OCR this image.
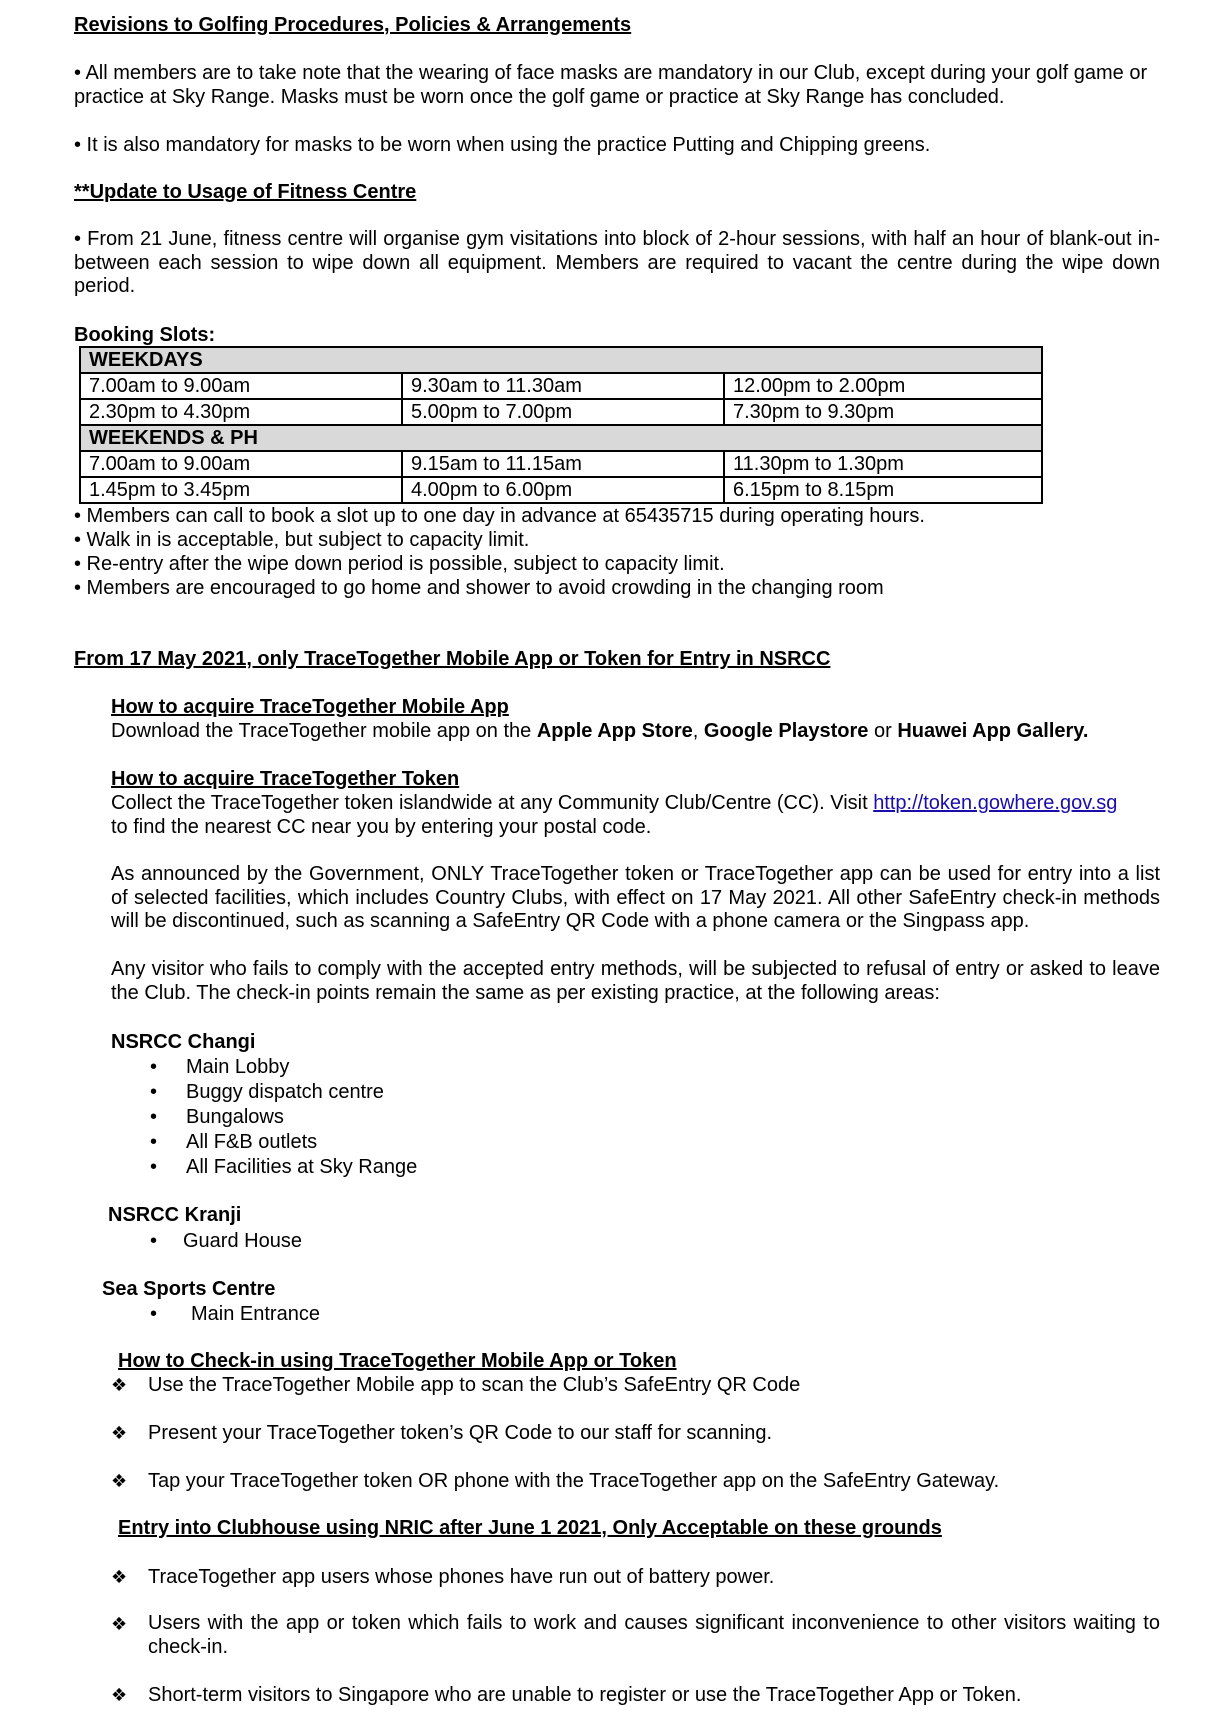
Revisions to Golfing Procedures, Policies & Arrangements
• All members are to take note that the wearing of face masks are mandatory in our Club, except during your golf game or practice at Sky Range. Masks must be worn once the golf game or practice at Sky Range has concluded.
• It is also mandatory for masks to be worn when using the practice Putting and Chipping greens.
**Update to Usage of Fitness Centre
• From 21 June, fitness centre will organise gym visitations into block of 2-hour sessions, with half an hour of blank-out in-between each session to wipe down all equipment. Members are required to vacant the centre during the wipe down period.
Booking Slots:
WEEKDAYS		
7.00am to 9.00am	9.30am to 11.30am	12.00pm to 2.00pm
2.30pm to 4.30pm	5.00pm to 7.00pm	7.30pm to 9.30pm
WEEKENDS & PH		
7.00am to 9.00am	9.15am to 11.15am	11.30pm to 1.30pm
1.45pm to 3.45pm	4.00pm to 6.00pm	6.15pm to 8.15pm
• Members can call to book a slot up to one day in advance at 65435715 during operating hours.
• Walk in is acceptable, but subject to capacity limit.
• Re-entry after the wipe down period is possible, subject to capacity limit.
• Members are encouraged to go home and shower to avoid crowding in the changing room
From 17 May 2021, only TraceTogether Mobile App or Token for Entry in NSRCC
How to acquire TraceTogether Mobile App
Download the TraceTogether mobile app on the Apple App Store, Google Playstore or Huawei App Gallery.
How to acquire TraceTogether Token
Collect the TraceTogether token islandwide at any Community Club/Centre (CC). Visit http://token.gowhere.gov.sg
to find the nearest CC near you by entering your postal code.
As announced by the Government, ONLY TraceTogether token or TraceTogether app can be used for entry into a list of selected facilities, which includes Country Clubs, with effect on 17 May 2021. All other SafeEntry check-in methods will be discontinued, such as scanning a SafeEntry QR Code with a phone camera or the Singpass app.
Any visitor who fails to comply with the accepted entry methods, will be subjected to refusal of entry or asked to leave the Club. The check-in points remain the same as per existing practice, at the following areas:
NSRCC Changi
• Main Lobby
• Buggy dispatch centre
• Bungalows
• All F&B outlets
• All Facilities at Sky Range
NSRCC Kranji
• Guard House
Sea Sports Centre
• Main Entrance
How to Check-in using TraceTogether Mobile App or Token
❖ Use the TraceTogether Mobile app to scan the Club’s SafeEntry QR Code
❖ Present your TraceTogether token’s QR Code to our staff for scanning.
❖ Tap your TraceTogether token OR phone with the TraceTogether app on the SafeEntry Gateway.
Entry into Clubhouse using NRIC after June 1 2021, Only Acceptable on these grounds
❖ TraceTogether app users whose phones have run out of battery power.
❖ Users with the app or token which fails to work and causes significant inconvenience to other visitors waiting to check-in.
❖ Short-term visitors to Singapore who are unable to register or use the TraceTogether App or Token.
